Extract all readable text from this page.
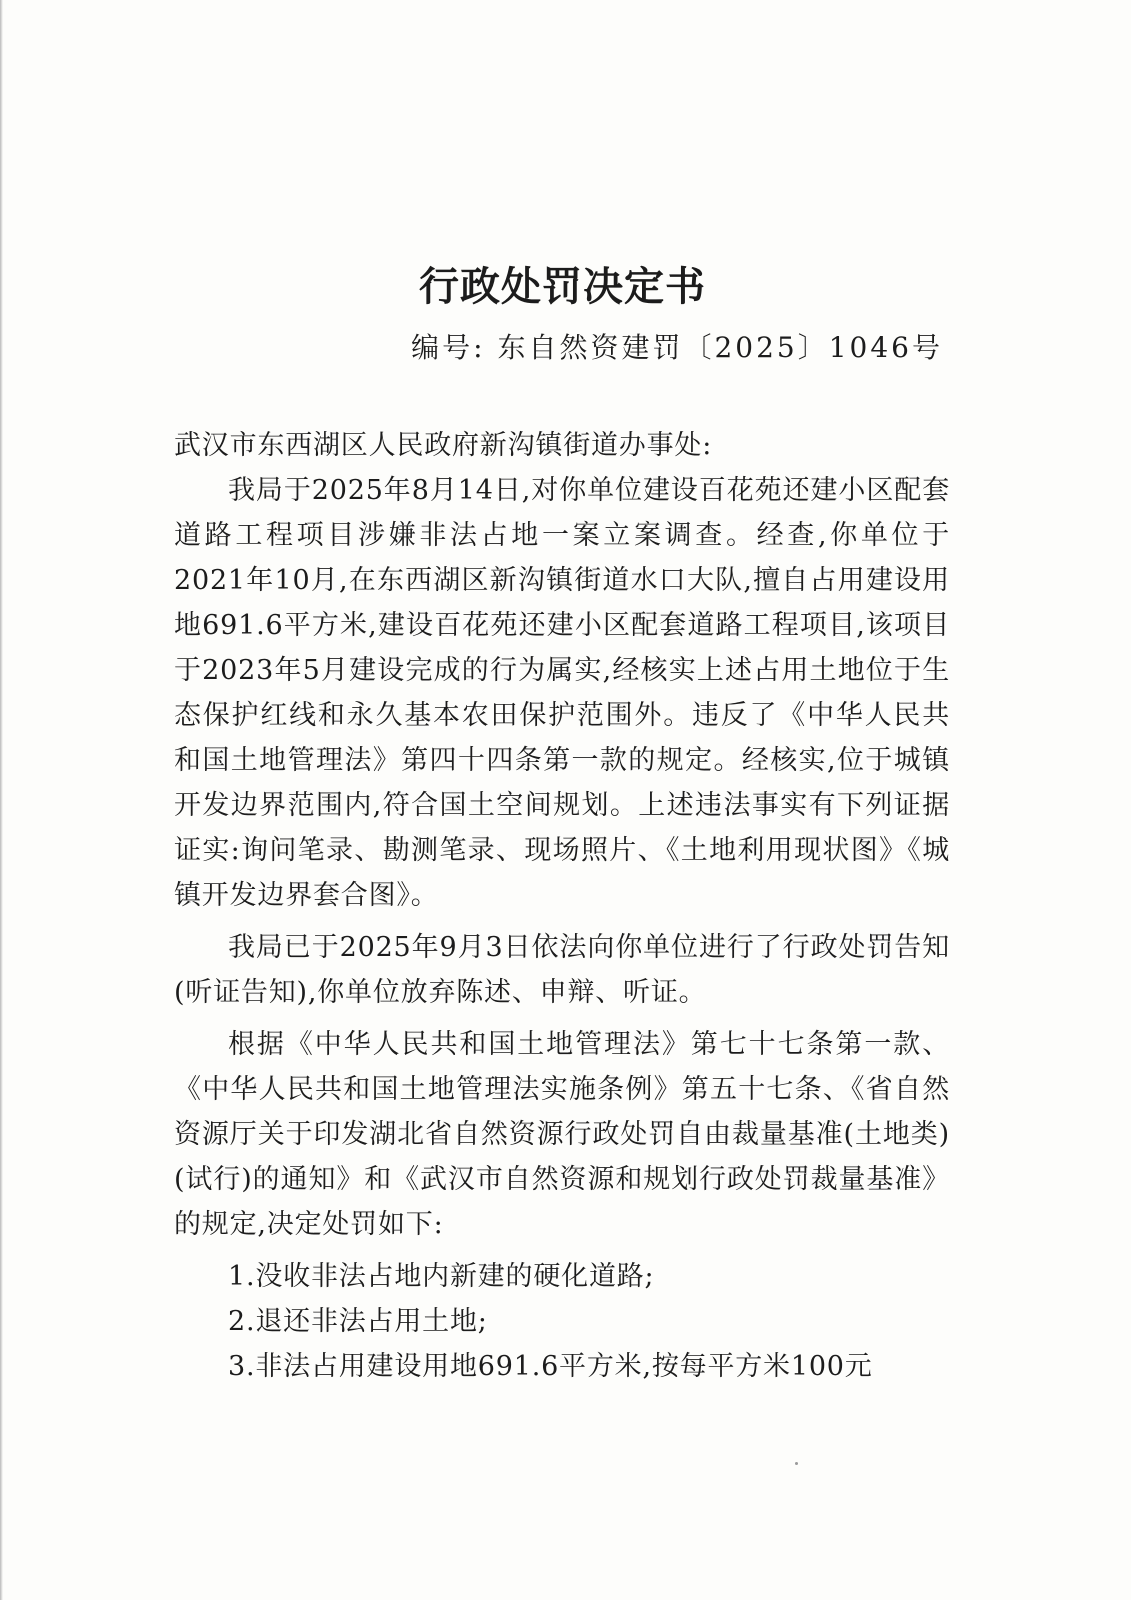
行政处罚决定书
编号: 东自然资建罚〔2025〕1046号

武汉市东西湖区人民政府新沟镇街道办事处:

我局于2025年8月14日,对你单位建设百花苑还建小区配套道路工程项目涉嫌非法占地一案立案调查。经查,你单位于2021年10月,在东西湖区新沟镇街道水口大队,擅自占用建设用地691.6平方米,建设百花苑还建小区配套道路工程项目,该项目于2023年5月建设完成的行为属实,经核实上述占用土地位于生态保护红线和永久基本农田保护范围外。违反了《中华人民共和国土地管理法》第四十四条第一款的规定。经核实,位于城镇开发边界范围内,符合国土空间规划。上述违法事实有下列证据证实:询问笔录、勘测笔录、现场照片、《土地利用现状图》《城镇开发边界套合图》。

我局已于2025年9月3日依法向你单位进行了行政处罚告知(听证告知),你单位放弃陈述、申辩、听证。

根据《中华人民共和国土地管理法》第七十七条第一款、《中华人民共和国土地管理法实施条例》第五十七条、《省自然资源厅关于印发湖北省自然资源行政处罚自由裁量基准(土地类)(试行)的通知》和《武汉市自然资源和规划行政处罚裁量基准》的规定,决定处罚如下:

1.没收非法占地内新建的硬化道路;

2.退还非法占用土地;

3.非法占用建设用地691.6平方米,按每平方米100元
